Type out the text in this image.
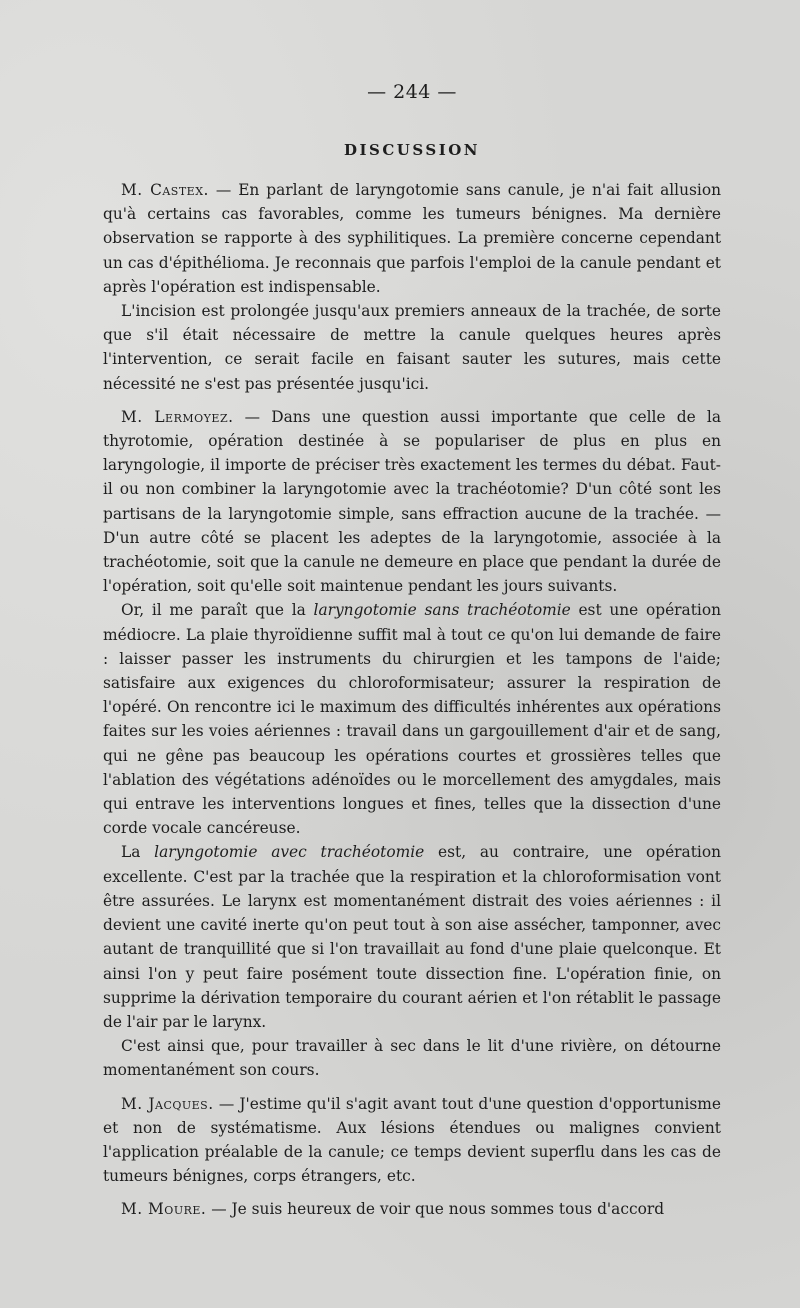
— 244 —
DISCUSSION

M. Castex. — En parlant de laryngotomie sans canule, je n'ai fait allusion qu'à certains cas favorables, comme les tumeurs bénignes. Ma dernière observation se rapporte à des syphilitiques. La première concerne cependant un cas d'épithélioma. Je reconnais que parfois l'emploi de la canule pendant et après l'opération est indispensable.

L'incision est prolongée jusqu'aux premiers anneaux de la trachée, de sorte que s'il était nécessaire de mettre la canule quelques heures après l'intervention, ce serait facile en faisant sauter les sutures, mais cette nécessité ne s'est pas présentée jusqu'ici.

M. Lermoyez. — Dans une question aussi importante que celle de la thyrotomie, opération destinée à se populariser de plus en plus en laryngologie, il importe de préciser très exactement les termes du débat. Faut-il ou non combiner la laryngotomie avec la trachéotomie? D'un côté sont les partisans de la laryngotomie simple, sans effraction aucune de la trachée. — D'un autre côté se placent les adeptes de la laryngotomie, associée à la trachéotomie, soit que la canule ne demeure en place que pendant la durée de l'opération, soit qu'elle soit maintenue pendant les jours suivants.

Or, il me paraît que la laryngotomie sans trachéotomie est une opération médiocre. La plaie thyroïdienne suffit mal à tout ce qu'on lui demande de faire : laisser passer les instruments du chirurgien et les tampons de l'aide; satisfaire aux exigences du chloroformisateur; assurer la respiration de l'opéré. On rencontre ici le maximum des difficultés inhérentes aux opérations faites sur les voies aériennes : travail dans un gargouillement d'air et de sang, qui ne gêne pas beaucoup les opérations courtes et grossières telles que l'ablation des végétations adénoïdes ou le morcellement des amygdales, mais qui entrave les interventions longues et fines, telles que la dissection d'une corde vocale cancéreuse.

La laryngotomie avec trachéotomie est, au contraire, une opération excellente. C'est par la trachée que la respiration et la chloroformisation vont être assurées. Le larynx est momentanément distrait des voies aériennes : il devient une cavité inerte qu'on peut tout à son aise assécher, tamponner, avec autant de tranquillité que si l'on travaillait au fond d'une plaie quelconque. Et ainsi l'on y peut faire posément toute dissection fine. L'opération finie, on supprime la dérivation temporaire du courant aérien et l'on rétablit le passage de l'air par le larynx.

C'est ainsi que, pour travailler à sec dans le lit d'une rivière, on détourne momentanément son cours.

M. Jacques. — J'estime qu'il s'agit avant tout d'une question d'opportunisme et non de systématisme. Aux lésions étendues ou malignes convient l'application préalable de la canule; ce temps devient superflu dans les cas de tumeurs bénignes, corps étrangers, etc.

M. Moure. — Je suis heureux de voir que nous sommes tous d'accord
